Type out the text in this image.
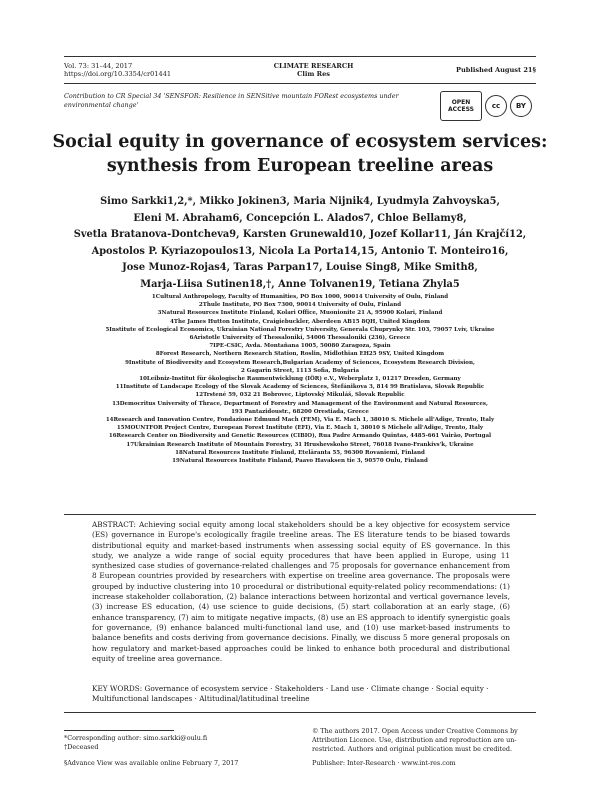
Vol. 73: 31–44, 2017
https://doi.org/10.3354/cr01441
CLIMATE RESEARCH
Clim Res	Published August 21§
Contribution to CR Special 34 'SENSFOR: Resilience in SENSitive mountain FORest ecosystems under environmental change'	OPEN
ACCESS	cc	BY
Social equity in governance of ecosystem services:
synthesis from European treeline areas
Simo Sarkki1,2,*, Mikko Jokinen3, Maria Nijnik4, Lyudmyla Zahvoyska5,
Eleni M. Abraham6, Concepción L. Alados7, Chloe Bellamy8,
Svetla Bratanova-Dontcheva9, Karsten Grunewald10, Jozef Kollar11, Ján Krajčí12,
Apostolos P. Kyriazopoulos13, Nicola La Porta14,15, Antonio T. Monteiro16,
Jose Munoz-Rojas4, Taras Parpan17, Louise Sing8, Mike Smith8,
Marja-Liisa Sutinen18,†, Anne Tolvanen19, Tetiana Zhyla5
1Cultural Anthropology, Faculty of Humanities, PO Box 1000, 90014 University of Oulu, Finland
2Thule Institute, PO Box 7300, 90014 University of Oulu, Finland
3Natural Resources Institute Finland, Kolari Office, Muonionite 21 A, 95900 Kolari, Finland
4The James Hutton Institute, Craigiebuckler, Aberdeen AB15 8QH, United Kingdom
5Institute of Ecological Economics, Ukrainian National Forestry University, Generala Chuprynky Str. 103, 79057 Lviv, Ukraine
6Aristotle University of Thessaloniki, 54006 Thessaloniki (236), Greece
7IPE-CSIC, Avda. Montañana 1005, 50080 Zaragoza, Spain
8Forest Research, Northern Research Station, Roslin, Midlothian EH25 9SY, United Kingdom
9Institute of Biodiversity and Ecosystem Research,Bulgarian Academy of Sciences, Ecosystem Research Division,
2 Gagarin Street, 1113 Sofia, Bulgaria
10Leibniz-Institut für ökologische Raumentwicklung (IÖR) e.V., Weberplatz 1, 01217 Dresden, Germany
11Institute of Landscape Ecology of the Slovak Academy of Sciences, Štefánikova 3, 814 99 Bratislava, Slovak Republic
12Trstené 59, 032 21 Bobrovec, Liptovský Mikuláš, Slovak Republic
13Democritus University of Thrace, Department of Forestry and Management of the Environment and Natural Resources,
193 Pantazidoustr., 68200 Orestiada, Greece
14Research and Innovation Centre, Fondazione Edmund Mach (FEM), Via E. Mach 1, 38010 S. Michele all'Adige, Trento, Italy
15MOUNTFOR Project Centre, European Forest Institute (EFI), Via E. Mach 1, 38010 S Michele all'Adige, Trento, Italy
16Research Center on Biodiversity and Genetic Resources (CIBIO), Rua Padre Armando Quintas, 4485-661 Vairão, Portugal
17Ukrainian Research Institute of Mountain Forestry, 31 Hrushevskoho Street, 76018 Ivano-Frankivs'k, Ukraine
18Natural Resources Institute Finland, Eteläranta 55, 96300 Rovaniemi, Finland
19Natural Resources Institute Finland, Paavo Havaksen tie 3, 90570 Oulu, Finland
ABSTRACT: Achieving social equity among local stakeholders should be a key objective for ecosystem service (ES) governance in Europe's ecologically fragile treeline areas. The ES literature tends to be biased towards distributional equity and market-based instruments when assessing social equity of ES governance. In this study, we analyze a wide range of social equity procedures that have been applied in Europe, using 11 synthesized case studies of governance-related challenges and 75 proposals for governance enhancement from 8 European countries provided by researchers with expertise on treeline area governance. The proposals were grouped by inductive clustering into 10 procedural or distributional equity-related policy recommendations: (1) increase stakeholder collaboration, (2) balance interactions between horizontal and vertical governance levels, (3) increase ES education, (4) use science to guide decisions, (5) start collaboration at an early stage, (6) enhance transparency, (7) aim to mitigate negative impacts, (8) use an ES approach to identify synergistic goals for governance, (9) enhance balanced multi-functional land use, and (10) use market-based instruments to balance benefits and costs deriving from governance decisions. Finally, we discuss 5 more general proposals on how regulatory and market-based approaches could be linked to enhance both procedural and distributional equity of treeline area governance.
KEY WORDS: Governance of ecosystem service · Stakeholders · Land use · Climate change · Social equity · Multifunctional landscapes · Altitudinal/latitudinal treeline
*Corresponding author: simo.sarkki@oulu.fi
†Deceased
§Advance View was available online February 7, 2017
© The authors 2017. Open Access under Creative Commons by Attribution Licence. Use, distribution and reproduction are unrestricted. Authors and original publication must be credited.
Publisher: Inter-Research · www.int-res.com
